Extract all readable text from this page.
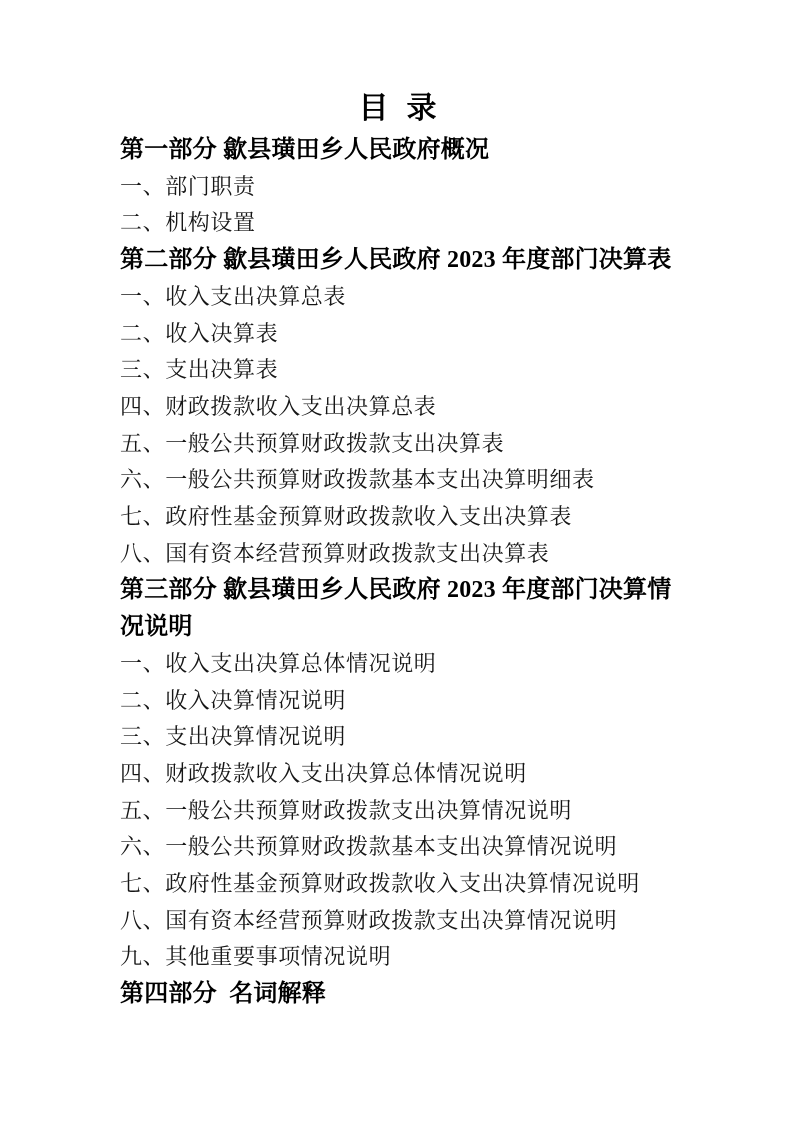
目  录
第一部分 歙县璜田乡人民政府概况
一、部门职责
二、机构设置
第二部分 歙县璜田乡人民政府 2023 年度部门决算表
一、收入支出决算总表
二、收入决算表
三、支出决算表
四、财政拨款收入支出决算总表
五、一般公共预算财政拨款支出决算表
六、一般公共预算财政拨款基本支出决算明细表
七、政府性基金预算财政拨款收入支出决算表
八、国有资本经营预算财政拨款支出决算表
第三部分 歙县璜田乡人民政府 2023 年度部门决算情况说明
一、收入支出决算总体情况说明
二、收入决算情况说明
三、支出决算情况说明
四、财政拨款收入支出决算总体情况说明
五、一般公共预算财政拨款支出决算情况说明
六、一般公共预算财政拨款基本支出决算情况说明
七、政府性基金预算财政拨款收入支出决算情况说明
八、国有资本经营预算财政拨款支出决算情况说明
九、其他重要事项情况说明
第四部分  名词解释
